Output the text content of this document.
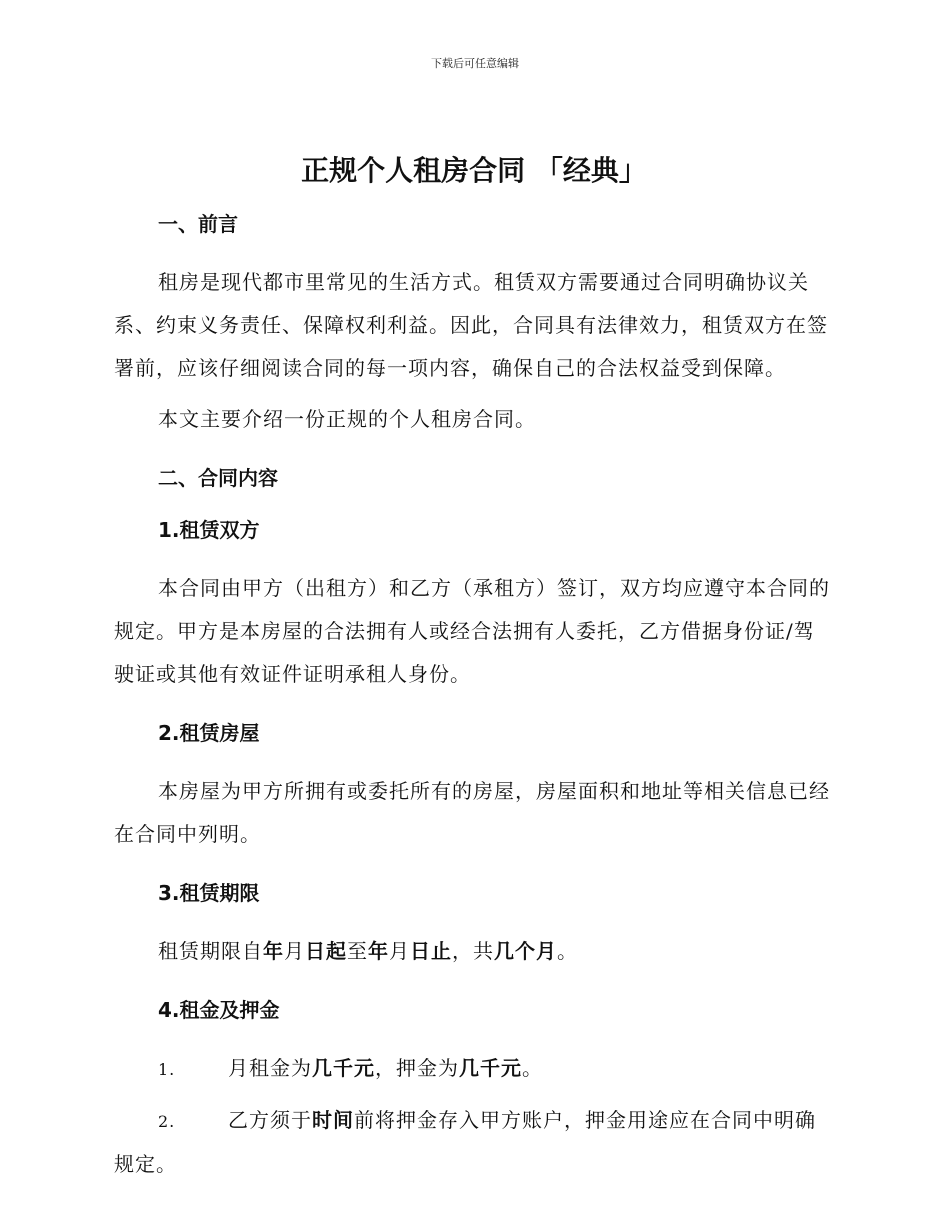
下载后可任意编辑
正规个人租房合同 「经典」
一、前言

租房是现代都市里常见的生活方式。租赁双方需要通过合同明确协议关系、约束义务责任、保障权利利益。因此，合同具有法律效力，租赁双方在签署前，应该仔细阅读合同的每一项内容，确保自己的合法权益受到保障。

本文主要介绍一份正规的个人租房合同。

二、合同内容
1.租赁双方

本合同由甲方（出租方）和乙方（承租方）签订，双方均应遵守本合同的规定。甲方是本房屋的合法拥有人或经合法拥有人委托，乙方借据身份证/驾驶证或其他有效证件证明承租人身份。

2.租赁房屋

本房屋为甲方所拥有或委托所有的房屋，房屋面积和地址等相关信息已经在合同中列明。

3.租赁期限

租赁期限自年月日起至年月日止，共几个月。

4.租金及押金

1.	月租金为几千元，押金为几千元。

2.	乙方须于时间前将押金存入甲方账户，押金用途应在合同中明确规定。
